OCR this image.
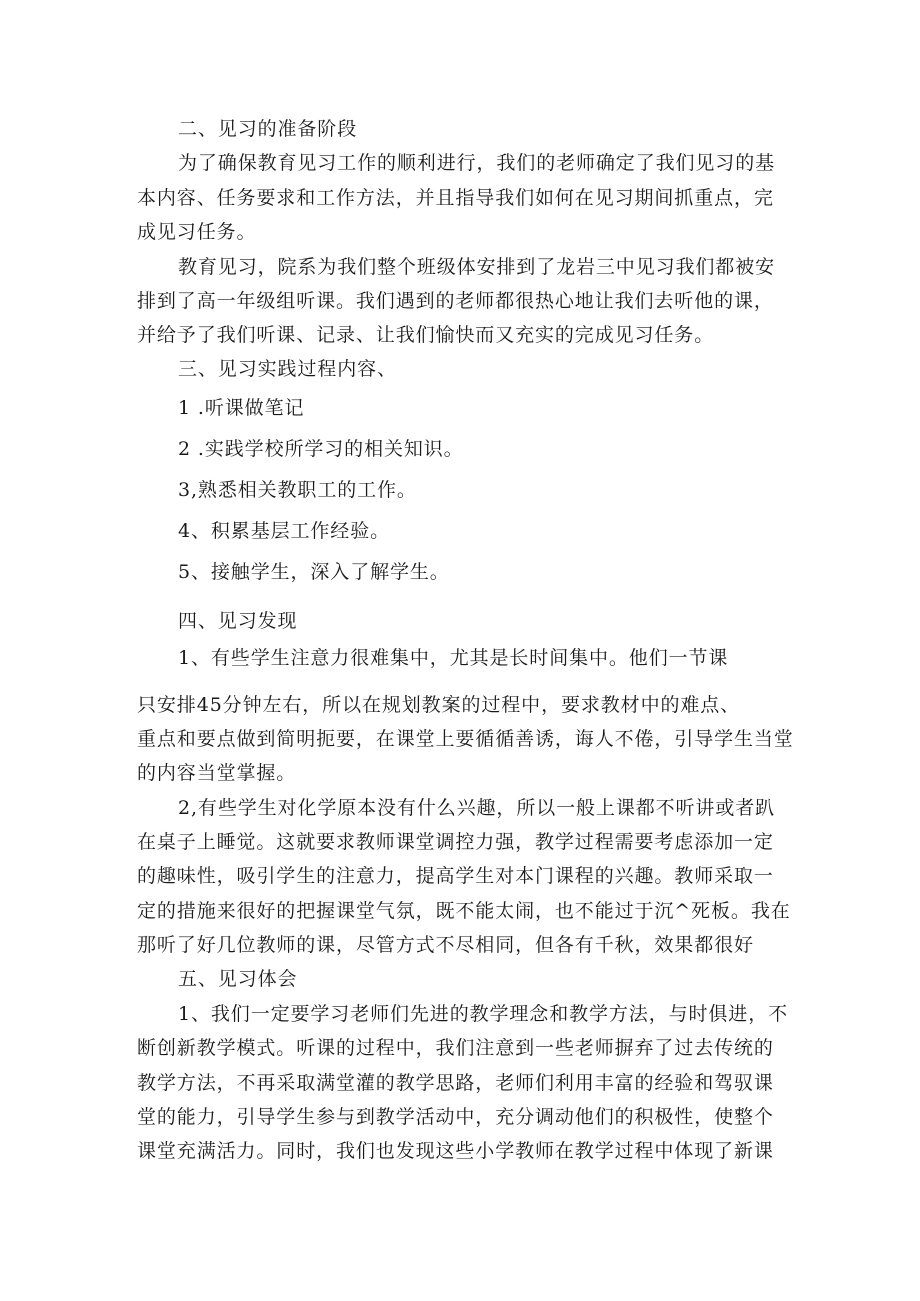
二、见习的准备阶段
为了确保教育见习工作的顺利进行，我们的老师确定了我们见习的基
本内容、任务要求和工作方法，并且指导我们如何在见习期间抓重点，完
成见习任务。
教育见习，院系为我们整个班级体安排到了龙岩三中见习我们都被安
排到了高一年级组听课。我们遇到的老师都很热心地让我们去听他的课，
并给予了我们听课、记录、让我们愉快而又充实的完成见习任务。
三、见习实践过程内容、
1 .听课做笔记
2 .实践学校所学习的相关知识。
3,熟悉相关教职工的工作。
4、积累基层工作经验。
5、接触学生，深入了解学生。
四、见习发现
1、有些学生注意力很难集中，尤其是长时间集中。他们一节课
只安排45分钟左右，所以在规划教案的过程中，要求教材中的难点、
重点和要点做到简明扼要，在课堂上要循循善诱，诲人不倦，引导学生当堂
的内容当堂掌握。
2,有些学生对化学原本没有什么兴趣，所以一般上课都不听讲或者趴
在桌子上睡觉。这就要求教师课堂调控力强，教学过程需要考虑添加一定
的趣味性，吸引学生的注意力，提高学生对本门课程的兴趣。教师采取一
定的措施来很好的把握课堂气氛，既不能太闹，也不能过于沉^死板。我在
那听了好几位教师的课，尽管方式不尽相同，但各有千秋，效果都很好
五、见习体会
1、我们一定要学习老师们先进的教学理念和教学方法，与时俱进，不
断创新教学模式。听课的过程中，我们注意到一些老师摒弃了过去传统的
教学方法，不再采取满堂灌的教学思路，老师们利用丰富的经验和驾驭课
堂的能力，引导学生参与到教学活动中，充分调动他们的积极性，使整个
课堂充满活力。同时，我们也发现这些小学教师在教学过程中体现了新课
